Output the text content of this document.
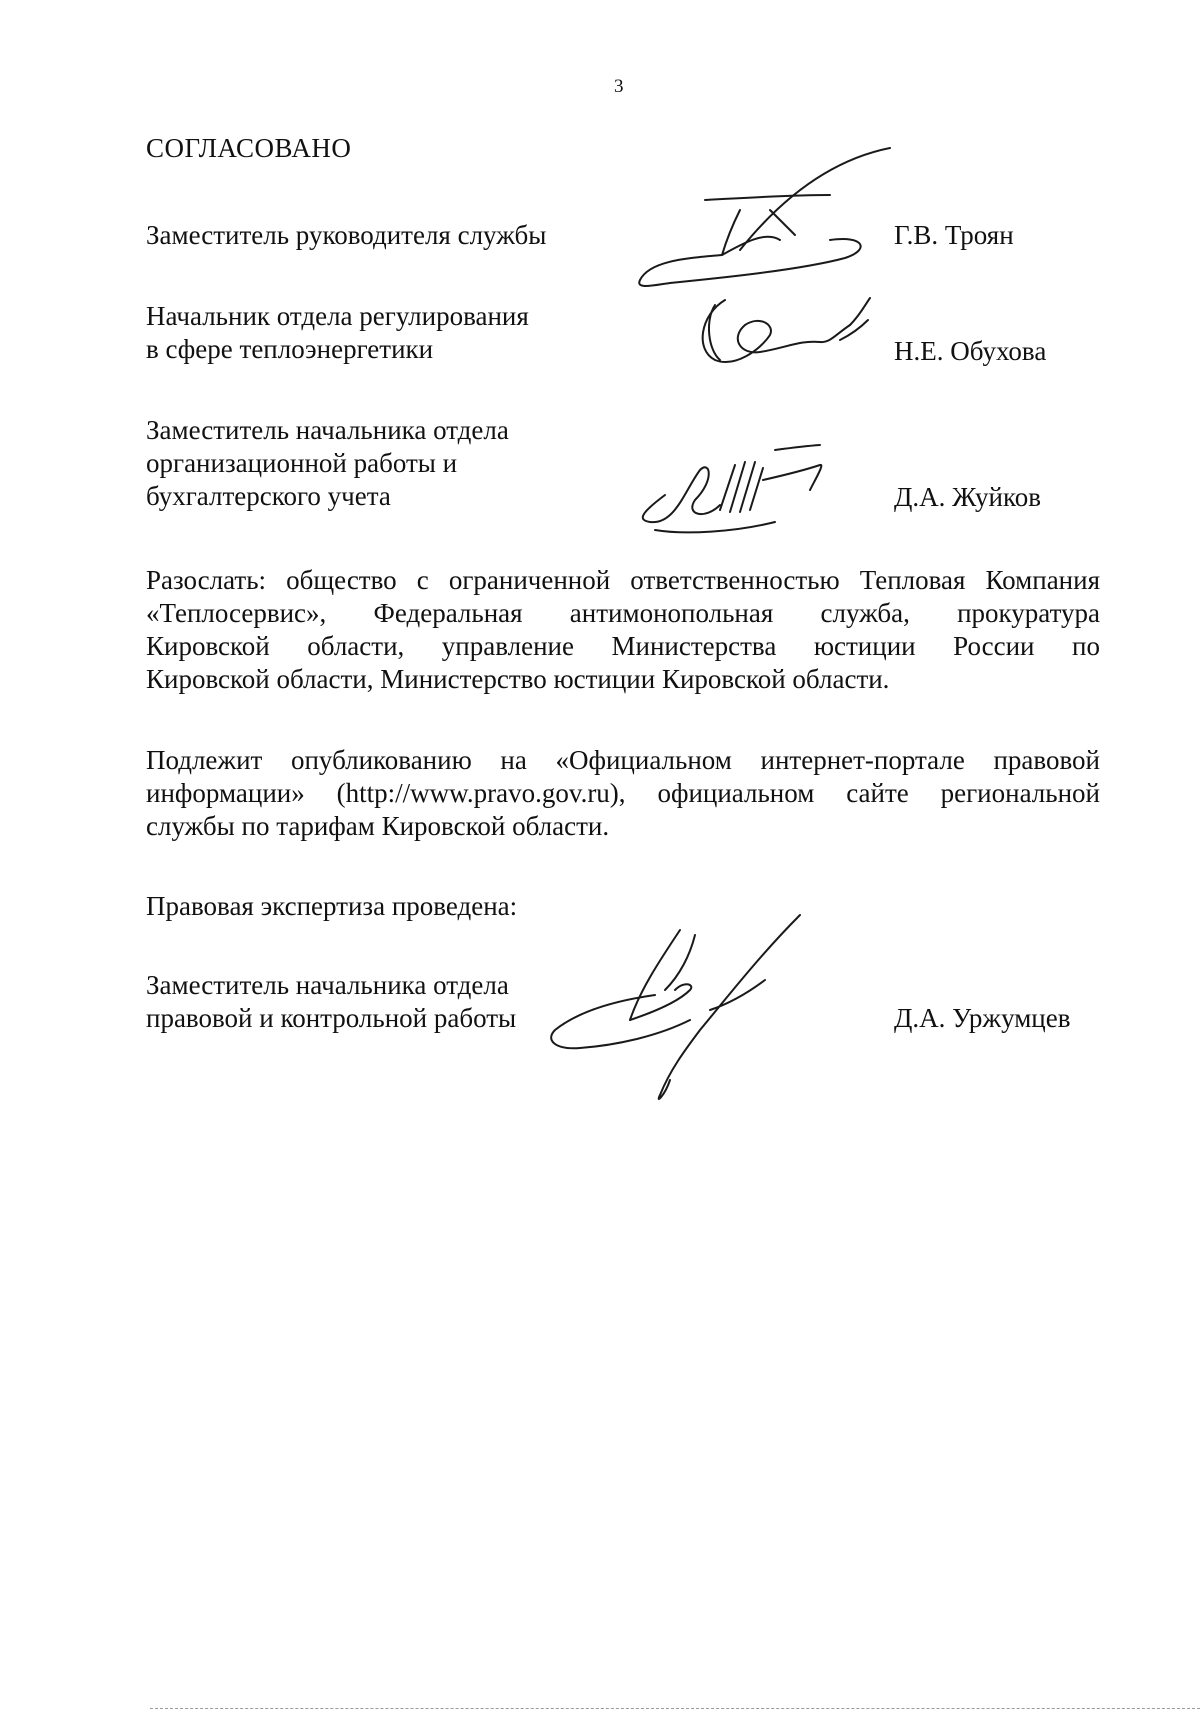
3
СОГЛАСОВАНО
Заместитель руководителя службы	Г.В. Троян
Начальник отдела регулирования
в сфере теплоэнергетики	Н.Е. Обухова
Заместитель начальника отдела
организационной работы и
бухгалтерского учета	Д.А. Жуйков
Разослать: общество с ограниченной ответственностью Тепловая Компания
«Теплосервис», Федеральная антимонопольная служба, прокуратура
Кировской области, управление Министерства юстиции России по
Кировской области, Министерство юстиции Кировской области.
Подлежит опубликованию на «Официальном интернет-портале правовой
информации» (http://www.pravo.gov.ru), официальном сайте региональной
службы по тарифам Кировской области.
Правовая экспертиза проведена:
Заместитель начальника отдела
правовой и контрольной работы	Д.А. Уржумцев
